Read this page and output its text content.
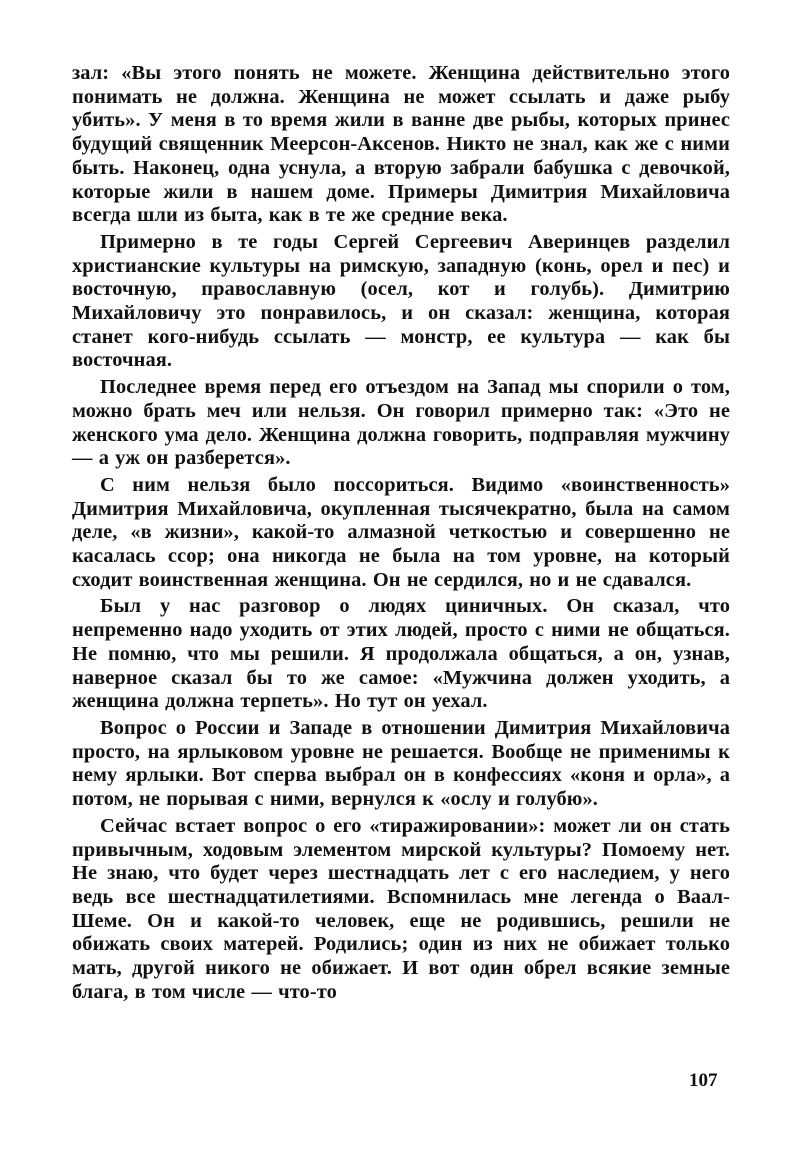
зал: «Вы этого понять не можете. Женщина действительно этого понимать не должна. Женщина не может ссылать и даже рыбу убить». У меня в то время жили в ванне две рыбы, которых принес будущий священник Меерсон-Аксенов. Никто не знал, как же с ними быть. Наконец, одна уснула, а вторую забрали бабушка с девочкой, которые жили в нашем доме. Примеры Димитрия Михайловича всегда шли из быта, как в те же средние века.

Примерно в те годы Сергей Сергеевич Аверинцев разделил христианские культуры на римскую, западную (конь, орел и пес) и восточную, православную (осел, кот и голубь). Димитрию Михайловичу это понравилось, и он сказал: женщина, которая станет кого-нибудь ссылать — монстр, ее культура — как бы восточная.

Последнее время перед его отъездом на Запад мы спорили о том, можно брать меч или нельзя. Он говорил примерно так: «Это не женского ума дело. Женщина должна говорить, подправляя мужчину — а уж он разберется».

С ним нельзя было поссориться. Видимо «воинственность» Димитрия Михайловича, окупленная тысячекратно, была на самом деле, «в жизни», какой-то алмазной четкостью и совершенно не касалась ссор; она никогда не была на том уровне, на который сходит воинственная женщина. Он не сердился, но и не сдавался.

Был у нас разговор о людях циничных. Он сказал, что непременно надо уходить от этих людей, просто с ними не общаться. Не помню, что мы решили. Я продолжала общаться, а он, узнав, наверное сказал бы то же самое: «Мужчина должен уходить, а женщина должна терпеть». Но тут он уехал.

Вопрос о России и Западе в отношении Димитрия Михайловича просто, на ярлыковом уровне не решается. Вообще не применимы к нему ярлыки. Вот сперва выбрал он в конфессиях «коня и орла», а потом, не порывая с ними, вернулся к «ослу и голубю».

Сейчас встает вопрос о его «тиражировании»: может ли он стать привычным, ходовым элементом мирской культуры? Помоему нет. Не знаю, что будет через шестнадцать лет с его наследием, у него ведь все шестнадцатилетиями. Вспомнилась мне легенда о Ваал-Шеме. Он и какой-то человек, еще не родившись, решили не обижать своих матерей. Родились; один из них не обижает только мать, другой никого не обижает. И вот один обрел всякие земные блага, в том числе — что-то

107
